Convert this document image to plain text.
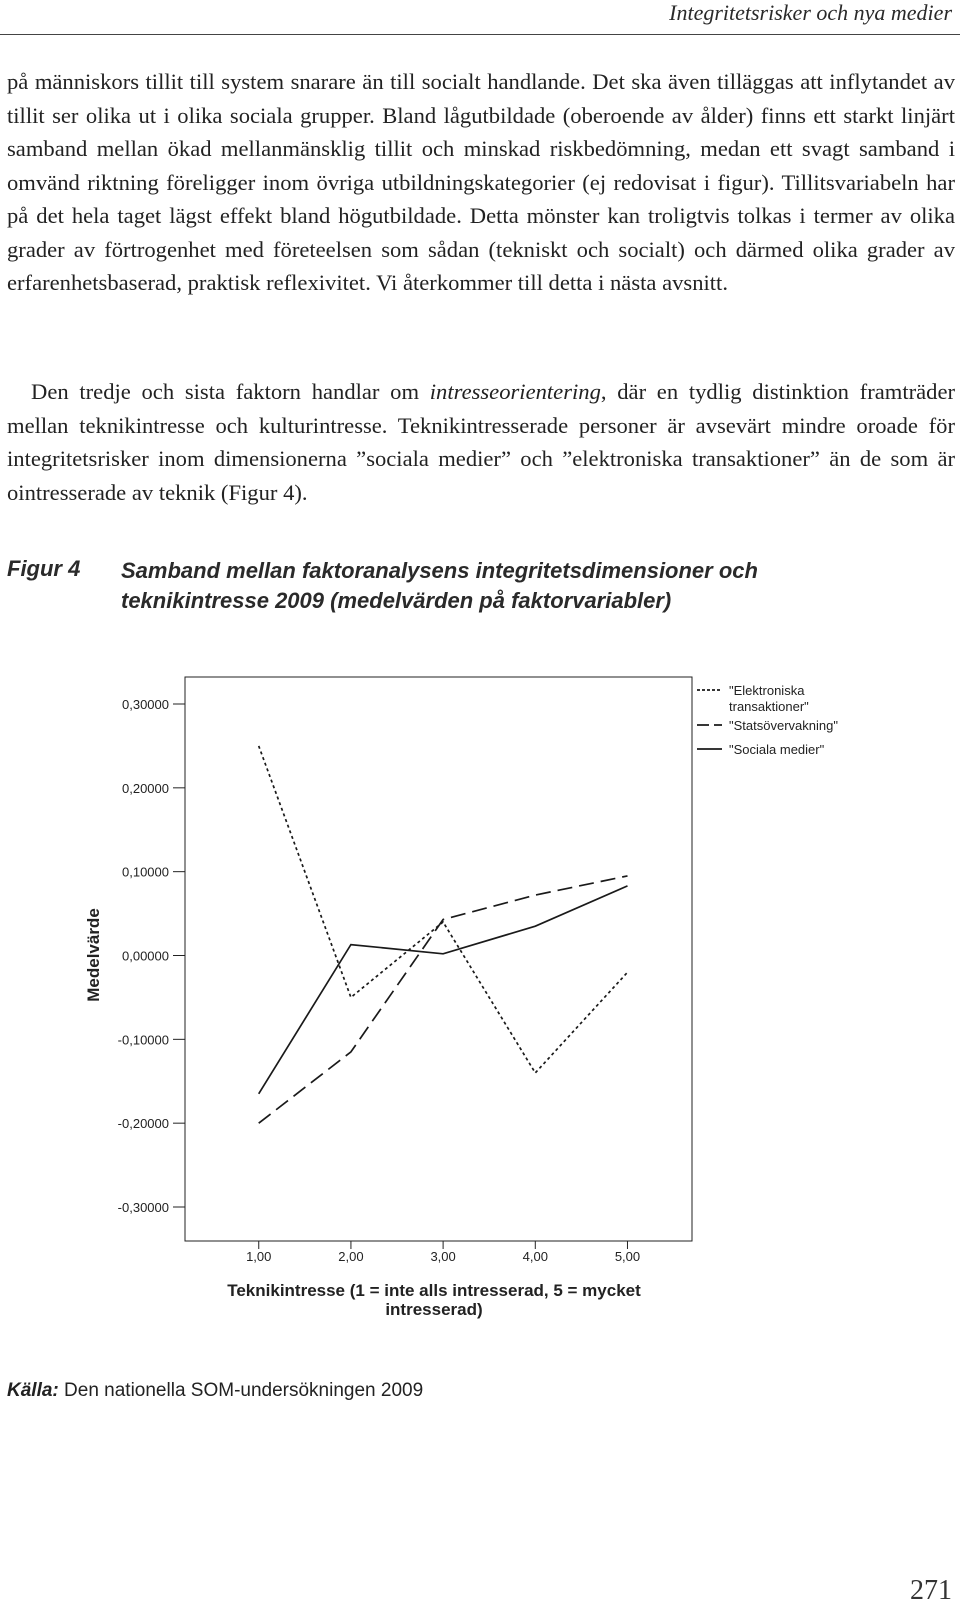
Integritetsrisker och nya medier

på människors tillit till system snarare än till socialt handlande. Det ska även tilläggas att inflytandet av tillit ser olika ut i olika sociala grupper. Bland lågutbildade (oberoende av ålder) finns ett starkt linjärt samband mellan ökad mellanmänsklig tillit och minskad riskbedömning, medan ett svagt samband i omvänd riktning föreligger inom övriga utbildningskategorier (ej redovisat i figur). Tillitsvariabeln har på det hela taget lägst effekt bland högutbildade. Detta mönster kan troligtvis tolkas i termer av olika grader av förtrogenhet med företeelsen som sådan (tekniskt och socialt) och därmed olika grader av erfarenhetsbaserad, praktisk reflexivitet. Vi återkommer till detta i nästa avsnitt.

Den tredje och sista faktorn handlar om intresseorientering, där en tydlig distinktion framträder mellan teknikintresse och kulturintresse. Teknikintresserade personer är avsevärt mindre oroade för integritetsrisker inom dimensionerna ”sociala medier” och ”elektroniska transaktioner” än de som är ointresserade av teknik (Figur 4).

Figur 4 Samband mellan faktoranalysens integritetsdimensioner och teknikintresse 2009 (medelvärden på faktorvariabler)
0,30000
0,20000
0,10000
0,00000
-0,10000
-0,20000
-0,30000
1,00	2,00	3,00	4,00	5,00
Medelvärde
Teknikintresse (1 = inte alls intresserad, 5 = mycket intresserad)
"Elektroniska
transaktioner"
"Statsövervakning"
"Sociala medier"
Källa: Den nationella SOM-undersökningen 2009
271
